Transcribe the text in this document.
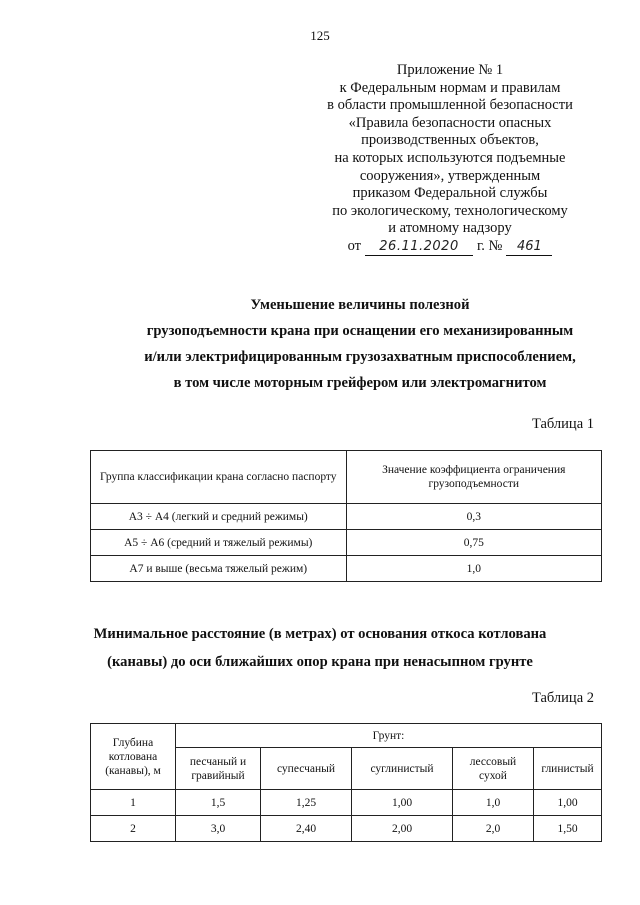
125
Приложение № 1
к Федеральным нормам и правилам
в области промышленной безопасности
«Правила безопасности опасных
производственных объектов,
на которых используются подъемные
сооружения», утвержденным
приказом Федеральной службы
по экологическому, технологическому
и атомному надзору
от	26.11.2020	г. №	461
Уменьшение величины полезной
грузоподъемности крана при оснащении его механизированным
и/или электрифицированным грузозахватным приспособлением,
в том числе моторным грейфером или электромагнитом
Таблица 1
Группа классификации крана согласно паспорту	Значение коэффициента ограничения грузоподъемности
А3 ÷ А4 (легкий и средний режимы)	0,3
А5 ÷ А6 (средний и тяжелый режимы)	0,75
А7 и выше (весьма тяжелый режим)	1,0
Минимальное расстояние (в метрах) от основания откоса котлована
(канавы) до оси ближайших опор крана при ненасыпном грунте
Таблица 2
Глубина котлована (канавы), м	Грунт:				
	песчаный и гравийный	супесчаный	суглинистый	лессовый сухой	глинистый
1	1,5	1,25	1,00	1,0	1,00
2	3,0	2,40	2,00	2,0	1,50
